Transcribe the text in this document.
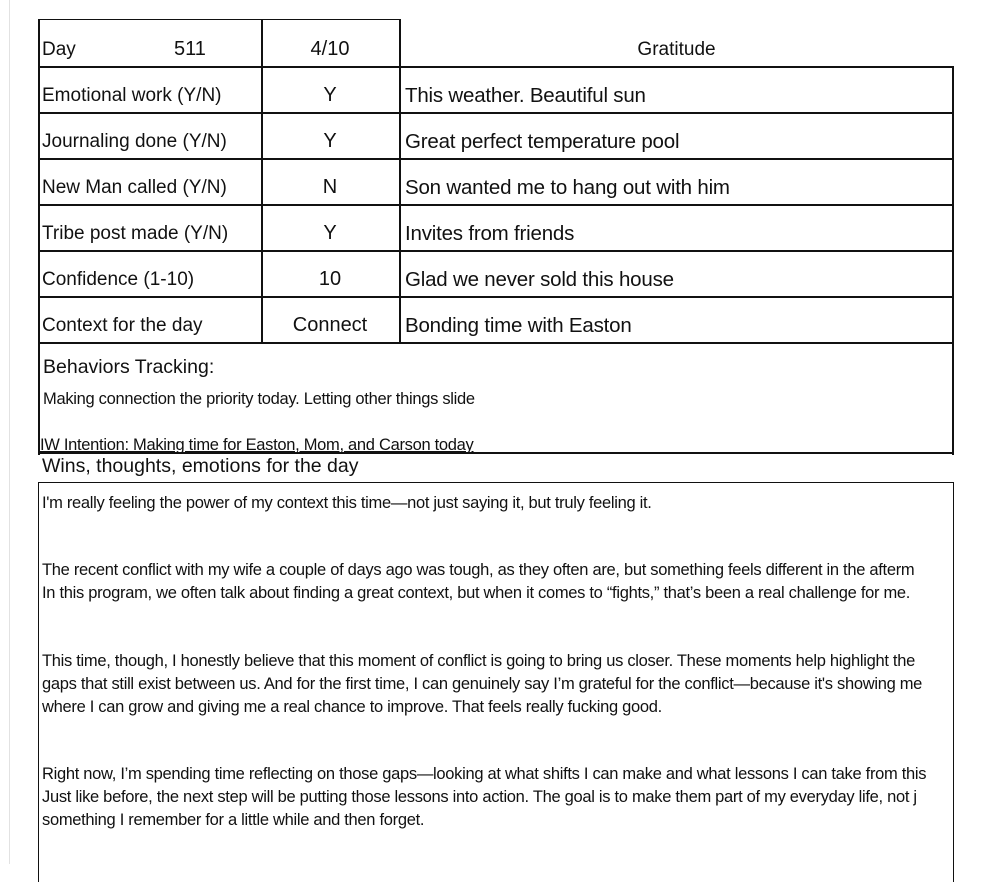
Day	511	4/10	Gratitude
Emotional work (Y/N)	Y	This weather. Beautiful sun
Journaling done (Y/N)	Y	Great perfect temperature pool
New Man called (Y/N)	N	Son wanted me to hang out with him
Tribe post made (Y/N)	Y	Invites from friends
Confidence (1-10)	10	Glad we never sold this house
Context for the day	Connect	Bonding time with Easton
Behaviors Tracking:
Making connection the priority today. Letting other things slide
IW Intention: Making time for Easton, Mom, and Carson today
Wins, thoughts, emotions for the day
I'm really feeling the power of my context this time—not just saying it, but truly feeling it.
The recent conflict with my wife a couple of days ago was tough, as they often are, but something feels different in the afterm
In this program, we often talk about finding a great context, but when it comes to “fights,” that’s been a real challenge for me.
This time, though, I honestly believe that this moment of conflict is going to bring us closer. These moments help highlight the
gaps that still exist between us. And for the first time, I can genuinely say I’m grateful for the conflict—because it's showing me
where I can grow and giving me a real chance to improve. That feels really fucking good.
Right now, I’m spending time reflecting on those gaps—looking at what shifts I can make and what lessons I can take from this
Just like before, the next step will be putting those lessons into action. The goal is to make them part of my everyday life, not j
something I remember for a little while and then forget.
